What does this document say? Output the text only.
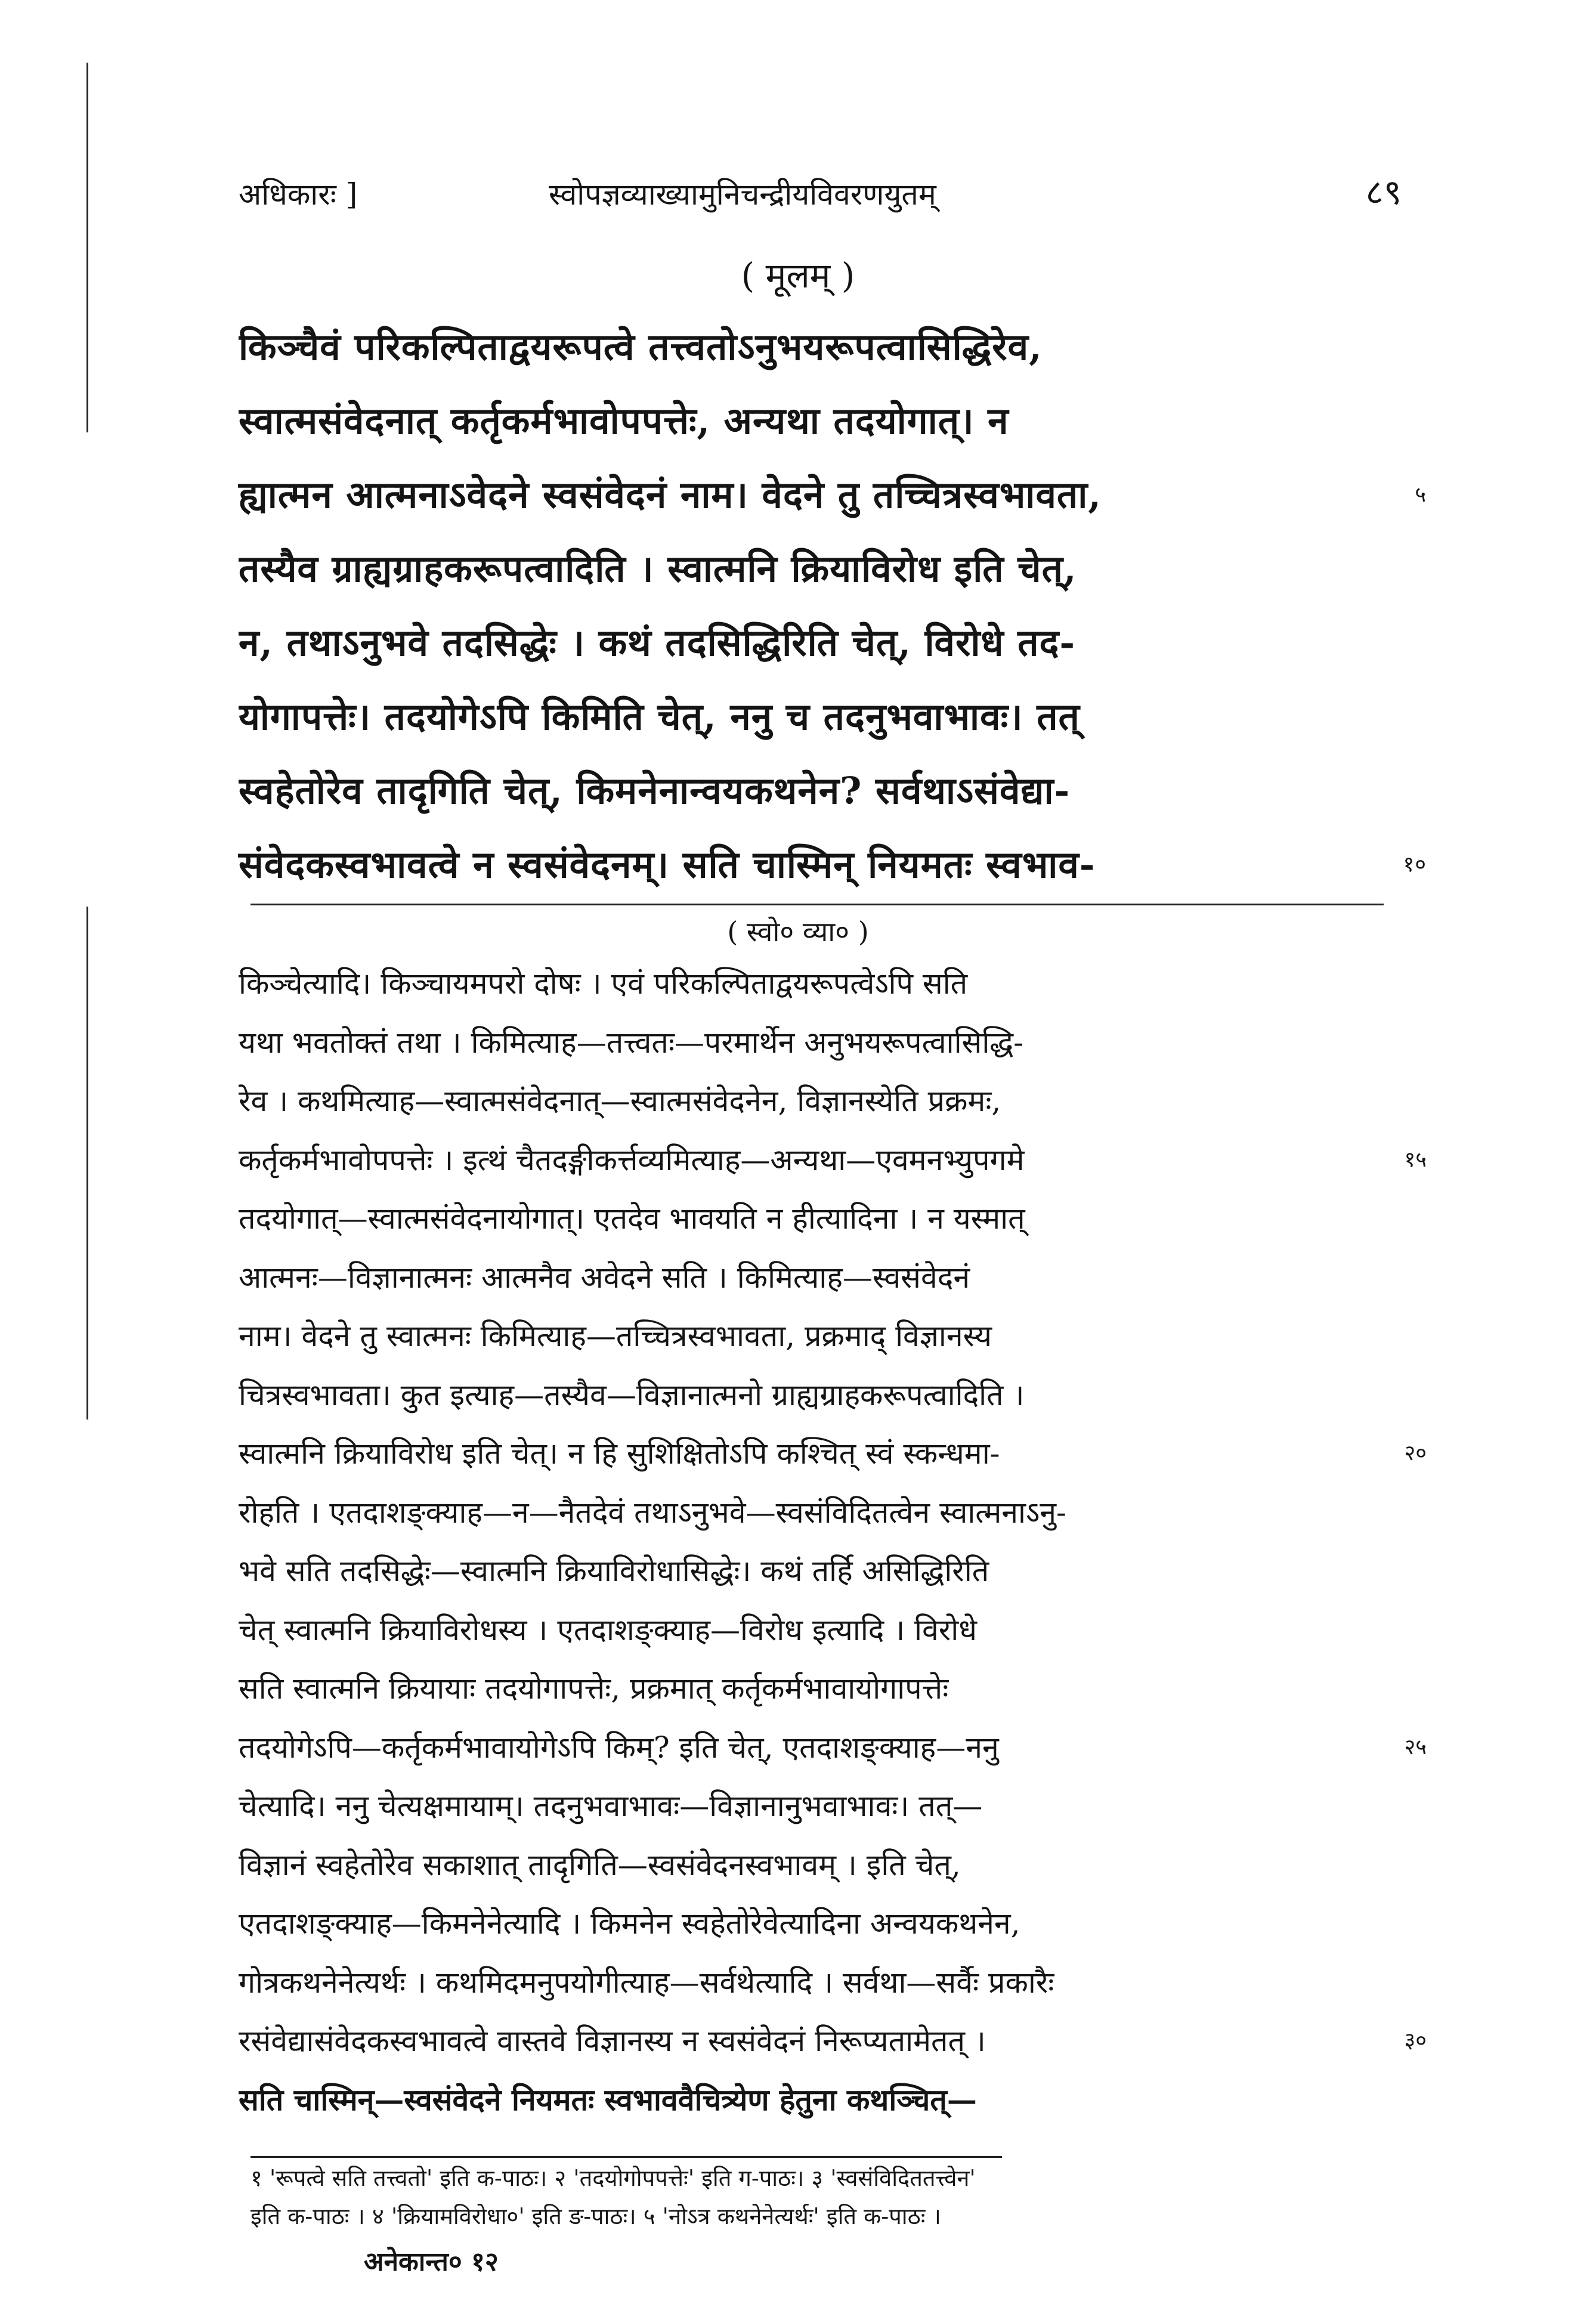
अधिकारः ]	स्वोपज्ञव्याख्यामुनिचन्द्रीयविवरणयुतम्	८९
( मूलम् )
किञ्चैवं परिकल्पिताद्वयरूपत्वे तत्त्वतोऽनुभयरूपत्वासिद्धिरेव,
स्वात्मसंवेदनात् कर्तृकर्मभावोपपत्तेः, अन्यथा तदयोगात्। न
ह्यात्मन आत्मनाऽवेदने स्वसंवेदनं नाम। वेदने तु तच्चित्रस्वभावता,	५
तस्यैव ग्राह्यग्राहकरूपत्वादिति । स्वात्मनि क्रियाविरोध इति चेत्,
न, तथाऽनुभवे तदसिद्धेः । कथं तदसिद्धिरिति चेत्, विरोधे तद-
योगापत्तेः। तदयोगेऽपि किमिति चेत्, ननु च तदनुभवाभावः। तत्
स्वहेतोरेव तादृगिति चेत्, किमनेनान्वयकथनेन? सर्वथाऽसंवेद्या-
संवेदकस्वभावत्वे न स्वसंवेदनम्। सति चास्मिन् नियमतः स्वभाव-	१०
( स्वो० व्या० )
किञ्चेत्यादि। किञ्चायमपरो दोषः । एवं परिकल्पिताद्वयरूपत्वेऽपि सति
यथा भवतोक्तं तथा । किमित्याह—तत्त्वतः—परमार्थेन अनुभयरूपत्वासिद्धि-
रेव । कथमित्याह—स्वात्मसंवेदनात्—स्वात्मसंवेदनेन, विज्ञानस्येति प्रक्रमः,
कर्तृकर्मभावोपपत्तेः । इत्थं चैतदङ्गीकर्त्तव्यमित्याह—अन्यथा—एवमनभ्युपगमे	१५
तदयोगात्—स्वात्मसंवेदनायोगात्। एतदेव भावयति न हीत्यादिना । न यस्मात्
आत्मनः—विज्ञानात्मनः आत्मनैव अवेदने सति । किमित्याह—स्वसंवेदनं
नाम। वेदने तु स्वात्मनः किमित्याह—तच्चित्रस्वभावता, प्रक्रमाद् विज्ञानस्य
चित्रस्वभावता। कुत इत्याह—तस्यैव—विज्ञानात्मनो ग्राह्यग्राहकरूपत्वादिति ।
स्वात्मनि क्रियाविरोध इति चेत्। न हि सुशिक्षितोऽपि कश्चित् स्वं स्कन्धमा-	२०
रोहति । एतदाशङ्क्याह—न—नैतदेवं तथाऽनुभवे—स्वसंविदितत्वेन स्वात्मनाऽनु-
भवे सति तदसिद्धेः—स्वात्मनि क्रियाविरोधासिद्धेः। कथं तर्हि असिद्धिरिति
चेत् स्वात्मनि क्रियाविरोधस्य । एतदाशङ्क्याह—विरोध इत्यादि । विरोधे
सति स्वात्मनि क्रियायाः तदयोगापत्तेः, प्रक्रमात् कर्तृकर्मभावायोगापत्तेः
तदयोगेऽपि—कर्तृकर्मभावायोगेऽपि किम्? इति चेत्, एतदाशङ्क्याह—ननु	२५
चेत्यादि। ननु चेत्यक्षमायाम्। तदनुभवाभावः—विज्ञानानुभवाभावः। तत्—
विज्ञानं स्वहेतोरेव सकाशात् तादृगिति—स्वसंवेदनस्वभावम् । इति चेत्,
एतदाशङ्क्याह—किमनेनेत्यादि । किमनेन स्वहेतोरेवेत्यादिना अन्वयकथनेन,
गोत्रकथनेनेत्यर्थः । कथमिदमनुपयोगीत्याह—सर्वथेत्यादि । सर्वथा—सर्वैः प्रकारैः
रसंवेद्यासंवेदकस्वभावत्वे वास्तवे विज्ञानस्य न स्वसंवेदनं निरूप्यतामेतत् ।	३०
सति चास्मिन्—स्वसंवेदने नियमतः स्वभाववैचित्र्येण हेतुना कथञ्चित्—
१ 'रूपत्वे सति तत्त्वतो' इति क-पाठः। २ 'तदयोगोपपत्तेः' इति ग-पाठः। ३ 'स्वसंविदिततत्त्वेन'
इति क-पाठः । ४ 'क्रियामविरोधा०' इति ङ-पाठः। ५ 'नोऽत्र कथनेनेत्यर्थः' इति क-पाठः ।
अनेकान्त० १२
